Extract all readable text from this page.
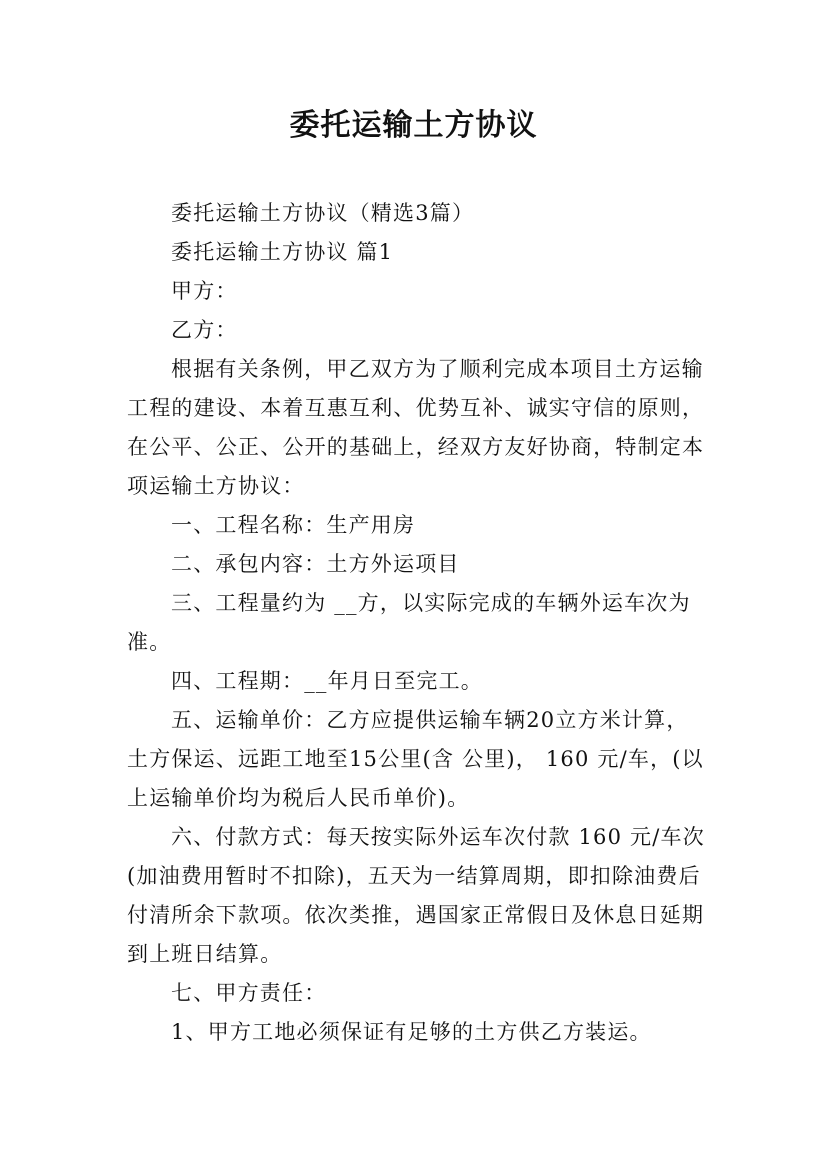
委托运输土方协议

委托运输土方协议（精选3篇）

委托运输土方协议 篇1

甲方：

乙方：

根据有关条例，甲乙双方为了顺利完成本项目土方运输工程的建设、本着互惠互利、优势互补、诚实守信的原则，在公平、公正、公开的基础上，经双方友好协商，特制定本项运输土方协议：

一、工程名称：生产用房

二、承包内容：土方外运项目

三、工程量约为 __方，以实际完成的车辆外运车次为准。

四、工程期：__年月日至完工。

五、运输单价：乙方应提供运输车辆20立方米计算，土方保运、远距工地至15公里(含 公里)， 160 元/车，(以上运输单价均为税后人民币单价)。

六、付款方式：每天按实际外运车次付款 160 元/车次(加油费用暂时不扣除)，五天为一结算周期，即扣除油费后付清所余下款项。依次类推，遇国家正常假日及休息日延期到上班日结算。

七、甲方责任：

1、甲方工地必须保证有足够的土方供乙方装运。
